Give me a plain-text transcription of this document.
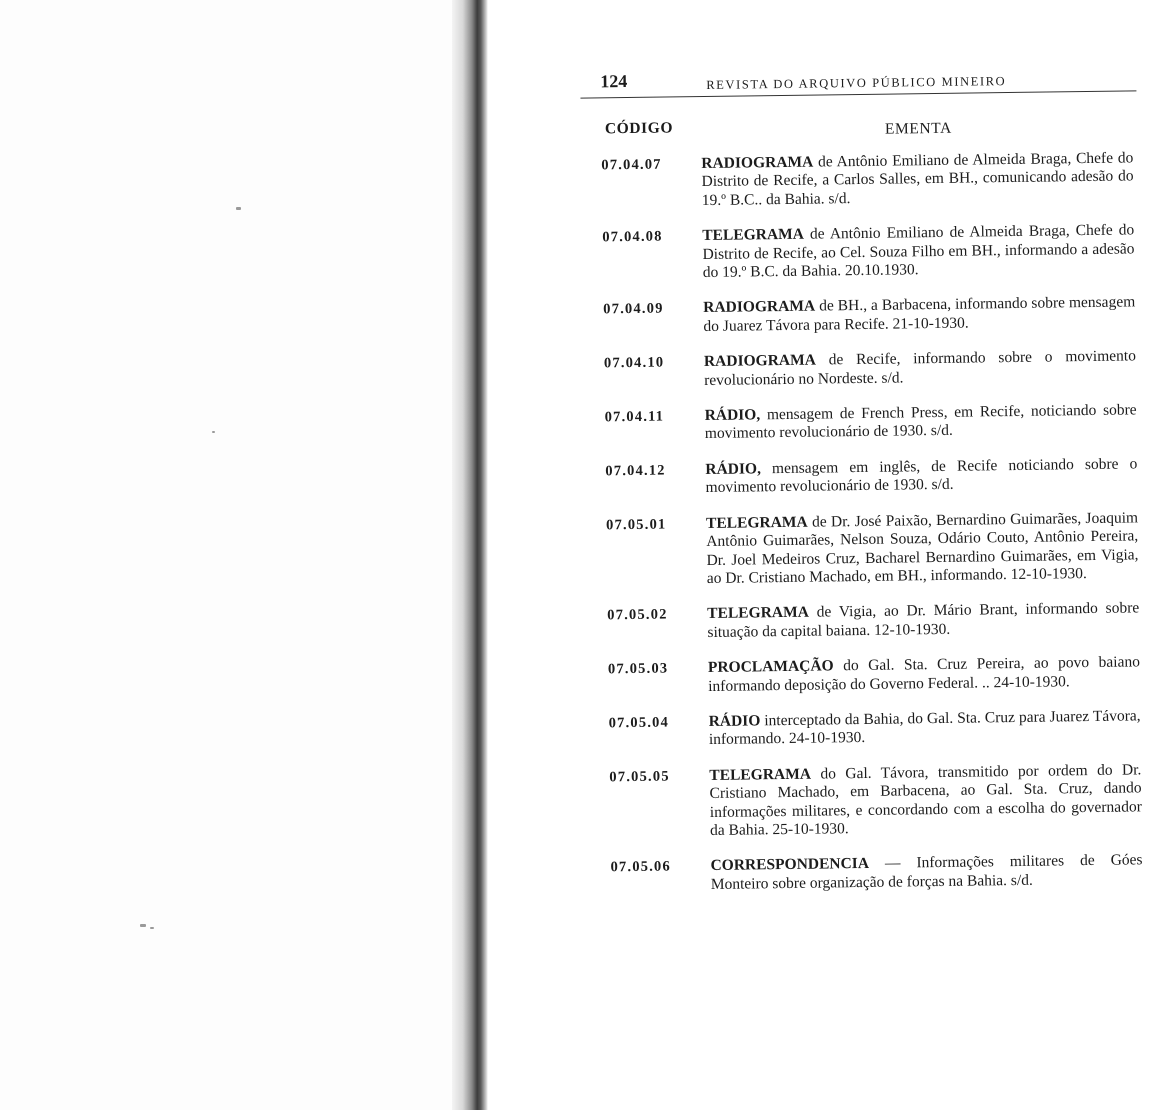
124	REVISTA DO ARQUIVO PÚBLICO MINEIRO
CÓDIGO	EMENTA
07.04.07	RADIOGRAMA de Antônio Emiliano de Almeida Braga, Chefe do Distrito de Recife, a Carlos Salles, em BH., comunicando adesão do 19.º B.C.. da Bahia. s/d.
07.04.08	TELEGRAMA de Antônio Emiliano de Almeida Braga, Chefe do Distrito de Recife, ao Cel. Souza Filho em BH., informando a adesão do 19.º B.C. da Bahia. 20.10.1930.
07.04.09	RADIOGRAMA de BH., a Barbacena, informando sobre mensagem do Juarez Távora para Recife. 21-10-1930.
07.04.10	RADIOGRAMA de Recife, informando sobre o movimento revolucionário no Nordeste. s/d.
07.04.11	RÁDIO, mensagem de French Press, em Recife, noticiando sobre movimento revolucionário de 1930. s/d.
07.04.12	RÁDIO, mensagem em inglês, de Recife noticiando sobre o movimento revolucionário de 1930. s/d.
07.05.01	TELEGRAMA de Dr. José Paixão, Bernardino Guimarães, Joaquim Antônio Guimarães, Nelson Souza, Odário Couto, Antônio Pereira, Dr. Joel Medeiros Cruz, Bacharel Bernardino Guimarães, em Vigia, ao Dr. Cristiano Machado, em BH., informando. 12-10-1930.
07.05.02	TELEGRAMA de Vigia, ao Dr. Mário Brant, informando sobre situação da capital baiana. 12-10-1930.
07.05.03	PROCLAMAÇÃO do Gal. Sta. Cruz Pereira, ao povo baiano informando deposição do Governo Federal. .. 24-10-1930.
07.05.04	RÁDIO interceptado da Bahia, do Gal. Sta. Cruz para Juarez Távora, informando. 24-10-1930.
07.05.05	TELEGRAMA do Gal. Távora, transmitido por ordem do Dr. Cristiano Machado, em Barbacena, ao Gal. Sta. Cruz, dando informações militares, e concordando com a escolha do governador da Bahia. 25-10-1930.
07.05.06	CORRESPONDENCIA — Informações militares de Góes Monteiro sobre organização de forças na Bahia. s/d.
